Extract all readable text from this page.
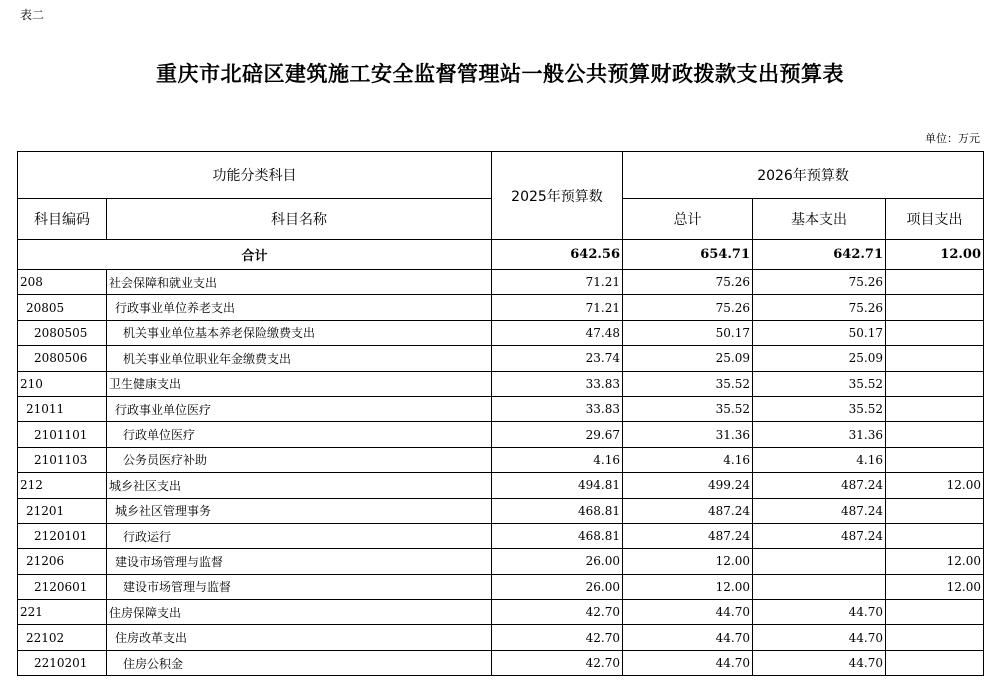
表二
重庆市北碚区建筑施工安全监督管理站一般公共预算财政拨款支出预算表
单位：万元
功能分类科目		2025年预算数	2026年预算数		
科目编码	科目名称		总计	基本支出	项目支出
合计		642.56	654.71	642.71	12.00
208	社会保障和就业支出	71.21	75.26	75.26	
20805	行政事业单位养老支出	71.21	75.26	75.26	
2080505	机关事业单位基本养老保险缴费支出	47.48	50.17	50.17	
2080506	机关事业单位职业年金缴费支出	23.74	25.09	25.09	
210	卫生健康支出	33.83	35.52	35.52	
21011	行政事业单位医疗	33.83	35.52	35.52	
2101101	行政单位医疗	29.67	31.36	31.36	
2101103	公务员医疗补助	4.16	4.16	4.16	
212	城乡社区支出	494.81	499.24	487.24	12.00
21201	城乡社区管理事务	468.81	487.24	487.24	
2120101	行政运行	468.81	487.24	487.24	
21206	建设市场管理与监督	26.00	12.00		12.00
2120601	建设市场管理与监督	26.00	12.00		12.00
221	住房保障支出	42.70	44.70	44.70	
22102	住房改革支出	42.70	44.70	44.70	
2210201	住房公积金	42.70	44.70	44.70	
